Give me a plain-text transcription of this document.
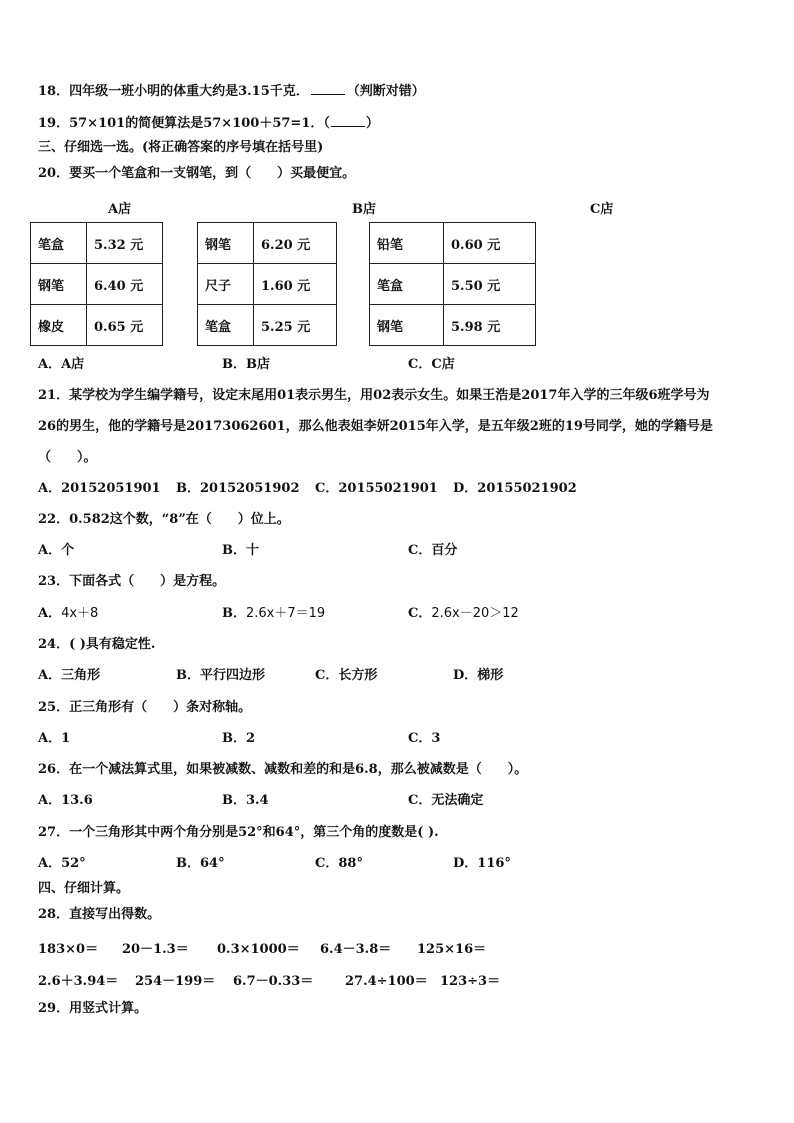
18．四年级一班小明的体重大约是3.15千克．	（判断对错）
19．57×101的简便算法是57×100＋57=1．（	）
三、仔细选一选。(将正确答案的序号填在括号里)
20．要买一个笔盒和一支钢笔，到（　　）买最便宜。
A店	B店	C店
笔盒	5.32 元
钢笔	6.40 元
橡皮	0.65 元
钢笔	6.20 元
尺子	1.60 元
笔盒	5.25 元
铅笔	0.60 元
笔盒	5.50 元
钢笔	5.98 元
A．A店	B．B店	C．C店
21．某学校为学生编学籍号，设定末尾用01表示男生，用02表示女生。如果王浩是2017年入学的三年级6班学号为
26的男生，他的学籍号是20173062601，那么他表姐李妍2015年入学，是五年级2班的19号同学，她的学籍号是
（　　）。
A．20152051901 B．20152051902 C．20155021901 D．20155021902
22．0.582这个数，“8”在（　　）位上。
A．个	B．十	C．百分
23．下面各式（　　）是方程。
A．4x＋8	B．2.6x＋7＝19	C．2.6x－20＞12
24．( )具有稳定性.
A．三角形	B．平行四边形	C．长方形	D．梯形
25．正三角形有（　　）条对称轴。
A．1	B．2	C．3
26．在一个减法算式里，如果被减数、减数和差的和是6.8，那么被减数是（　　）。
A．13.6	B．3.4	C．无法确定
27．一个三角形其中两个角分别是52°和64°，第三个角的度数是( ).
A．52°	B．64°	C．88°	D．116°
四、仔细计算。
28．直接写出得数。
183×0＝ 20－1.3＝ 0.3×1000＝ 6.4－3.8＝ 125×16＝
2.6＋3.94＝ 254－199＝ 6.7－0.33＝ 27.4÷100＝ 123÷3＝
29．用竖式计算。
